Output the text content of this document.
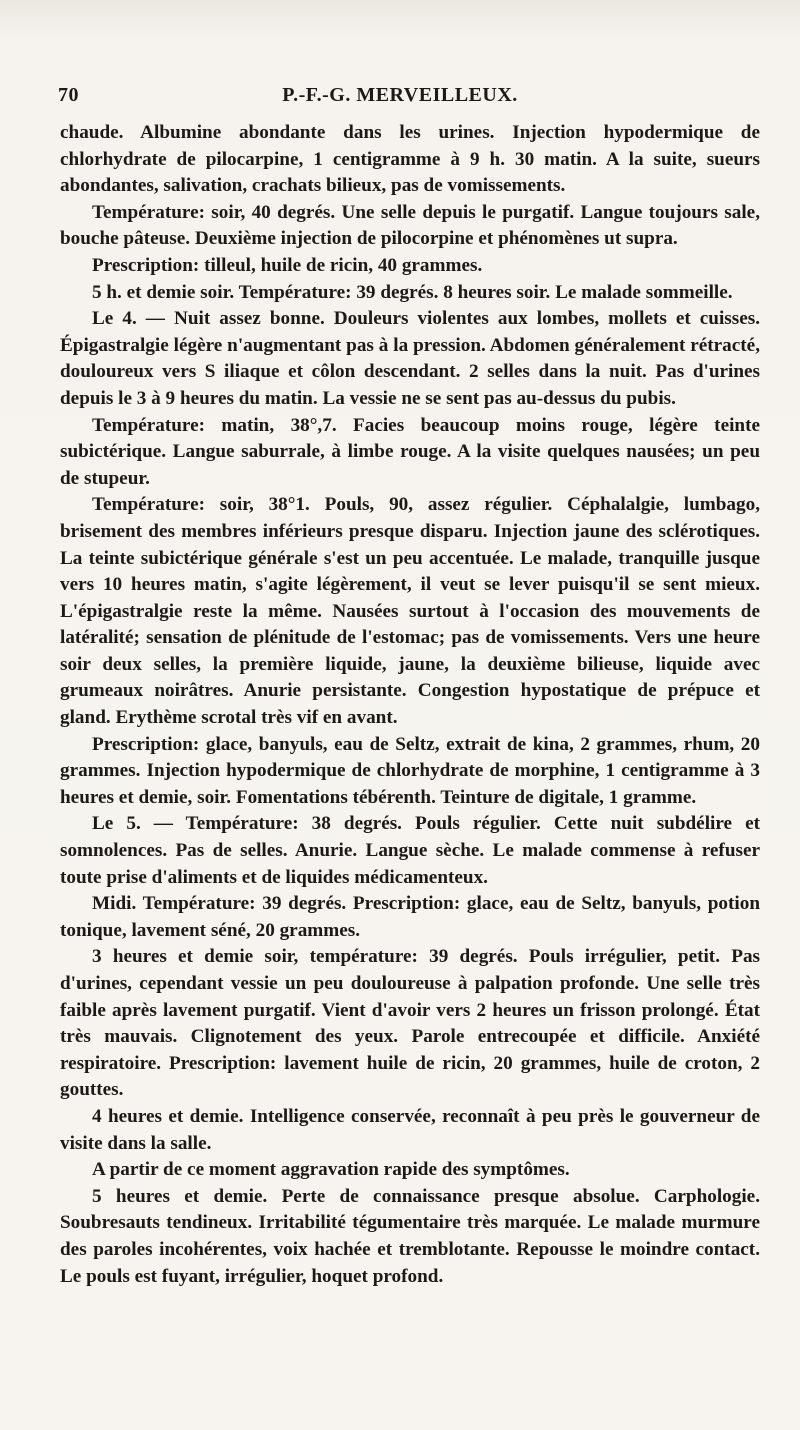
70	P.-F.-G. MERVEILLEUX.

chaude. Albumine abondante dans les urines. Injection hypodermique de chlorhydrate de pilocarpine, 1 centigramme à 9 h. 30 matin. A la suite, sueurs abondantes, salivation, crachats bilieux, pas de vomissements.

Température: soir, 40 degrés. Une selle depuis le purgatif. Langue toujours sale, bouche pâteuse. Deuxième injection de pilocorpine et phénomènes ut supra.

Prescription: tilleul, huile de ricin, 40 grammes.

5 h. et demie soir. Température: 39 degrés. 8 heures soir. Le malade sommeille.

Le 4. — Nuit assez bonne. Douleurs violentes aux lombes, mollets et cuisses. Épigastralgie légère n'augmentant pas à la pression. Abdomen généralement rétracté, douloureux vers S iliaque et côlon descendant. 2 selles dans la nuit. Pas d'urines depuis le 3 à 9 heures du matin. La vessie ne se sent pas au-dessus du pubis.

Température: matin, 38°,7. Facies beaucoup moins rouge, légère teinte subictérique. Langue saburrale, à limbe rouge. A la visite quelques nausées; un peu de stupeur.

Température: soir, 38°1. Pouls, 90, assez régulier. Céphalalgie, lumbago, brisement des membres inférieurs presque disparu. Injection jaune des sclérotiques. La teinte subictérique générale s'est un peu accentuée. Le malade, tranquille jusque vers 10 heures matin, s'agite légèrement, il veut se lever puisqu'il se sent mieux. L'épigastralgie reste la même. Nausées surtout à l'occasion des mouvements de latéralité; sensation de plénitude de l'estomac; pas de vomissements. Vers une heure soir deux selles, la première liquide, jaune, la deuxième bilieuse, liquide avec grumeaux noirâtres. Anurie persistante. Congestion hypostatique de prépuce et gland. Erythème scrotal très vif en avant.

Prescription: glace, banyuls, eau de Seltz, extrait de kina, 2 grammes, rhum, 20 grammes. Injection hypodermique de chlorhydrate de morphine, 1 centigramme à 3 heures et demie, soir. Fomentations tébérenth. Teinture de digitale, 1 gramme.

Le 5. — Température: 38 degrés. Pouls régulier. Cette nuit subdélire et somnolences. Pas de selles. Anurie. Langue sèche. Le malade commense à refuser toute prise d'aliments et de liquides médicamenteux.

Midi. Température: 39 degrés. Prescription: glace, eau de Seltz, banyuls, potion tonique, lavement séné, 20 grammes.

3 heures et demie soir, température: 39 degrés. Pouls irrégulier, petit. Pas d'urines, cependant vessie un peu douloureuse à palpation profonde. Une selle très faible après lavement purgatif. Vient d'avoir vers 2 heures un frisson prolongé. État très mauvais. Clignotement des yeux. Parole entrecoupée et difficile. Anxiété respiratoire. Prescription: lavement huile de ricin, 20 grammes, huile de croton, 2 gouttes.

4 heures et demie. Intelligence conservée, reconnaît à peu près le gouverneur de visite dans la salle.

A partir de ce moment aggravation rapide des symptômes.

5 heures et demie. Perte de connaissance presque absolue. Carphologie. Soubresauts tendineux. Irritabilité tégumentaire très marquée. Le malade murmure des paroles incohérentes, voix hachée et tremblotante. Repousse le moindre contact. Le pouls est fuyant, irrégulier, hoquet profond.
